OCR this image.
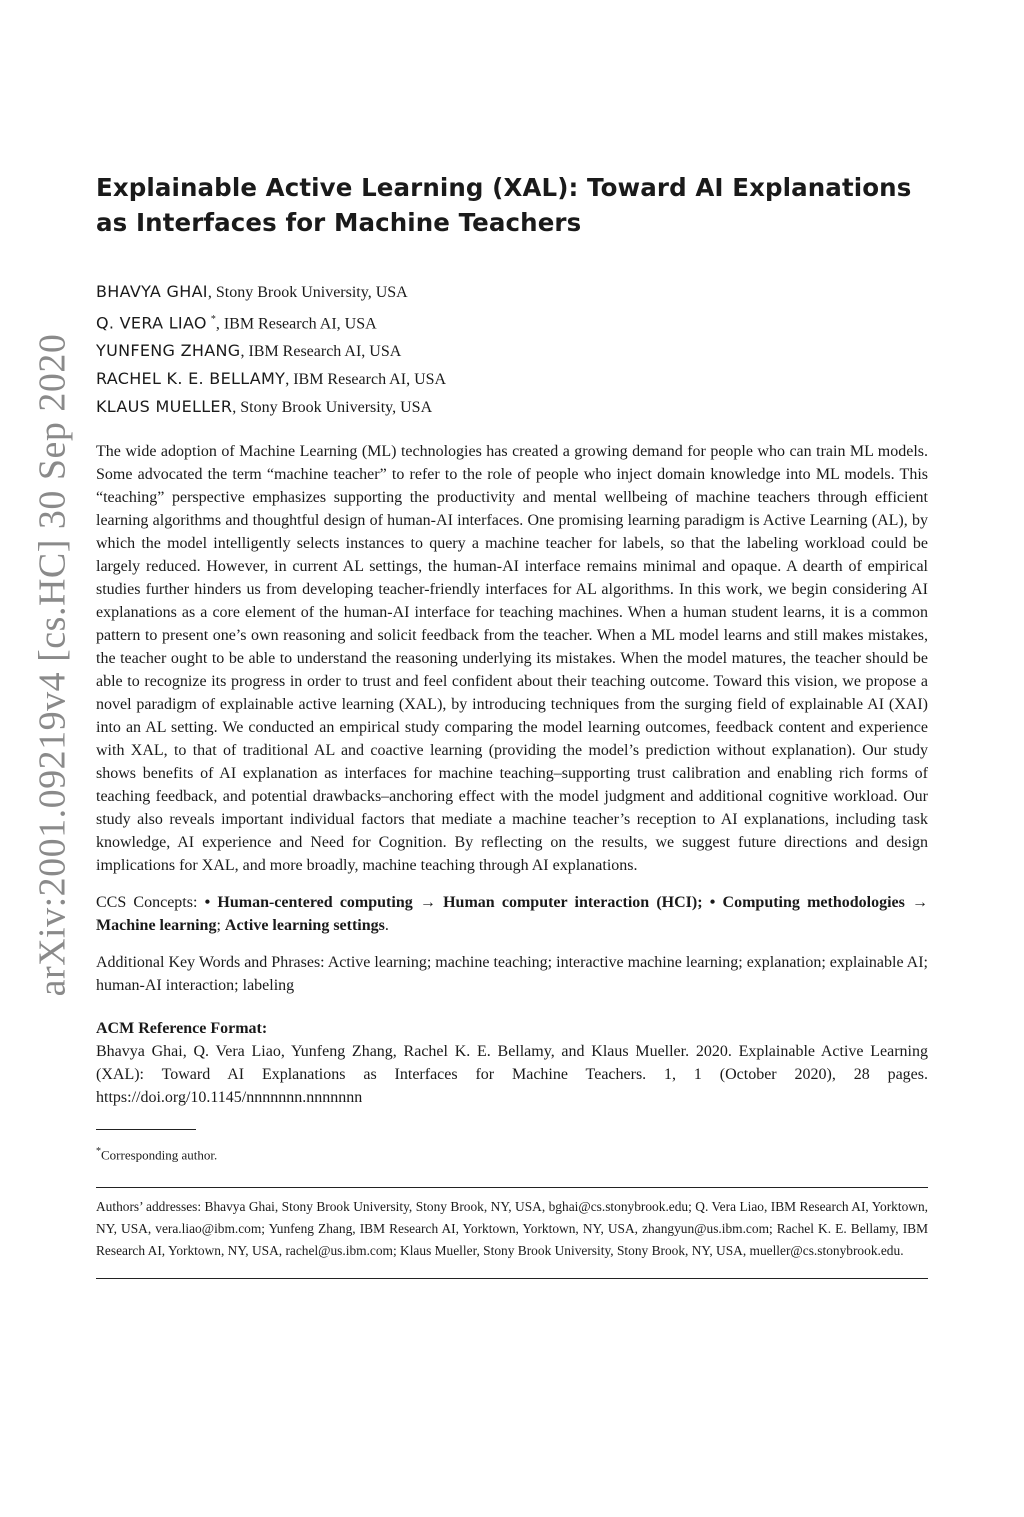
arXiv:2001.09219v4 [cs.HC] 30 Sep 2020
Explainable Active Learning (XAL): Toward AI Explanations as Interfaces for Machine Teachers
BHAVYA GHAI, Stony Brook University, USA
Q. VERA LIAO *, IBM Research AI, USA
YUNFENG ZHANG, IBM Research AI, USA
RACHEL K. E. BELLAMY, IBM Research AI, USA
KLAUS MUELLER, Stony Brook University, USA

The wide adoption of Machine Learning (ML) technologies has created a growing demand for people who can train ML models. Some advocated the term “machine teacher” to refer to the role of people who inject domain knowledge into ML models. This “teaching” perspective emphasizes supporting the productivity and mental wellbeing of machine teachers through efficient learning algorithms and thoughtful design of human-AI interfaces. One promising learning paradigm is Active Learning (AL), by which the model intelligently selects instances to query a machine teacher for labels, so that the labeling workload could be largely reduced. However, in current AL settings, the human-AI interface remains minimal and opaque. A dearth of empirical studies further hinders us from developing teacher-friendly interfaces for AL algorithms. In this work, we begin considering AI explanations as a core element of the human-AI interface for teaching machines. When a human student learns, it is a common pattern to present one’s own reasoning and solicit feedback from the teacher. When a ML model learns and still makes mistakes, the teacher ought to be able to understand the reasoning underlying its mistakes. When the model matures, the teacher should be able to recognize its progress in order to trust and feel confident about their teaching outcome. Toward this vision, we propose a novel paradigm of explainable active learning (XAL), by introducing techniques from the surging field of explainable AI (XAI) into an AL setting. We conducted an empirical study comparing the model learning outcomes, feedback content and experience with XAL, to that of traditional AL and coactive learning (providing the model’s prediction without explanation). Our study shows benefits of AI explanation as interfaces for machine teaching–supporting trust calibration and enabling rich forms of teaching feedback, and potential drawbacks–anchoring effect with the model judgment and additional cognitive workload. Our study also reveals important individual factors that mediate a machine teacher’s reception to AI explanations, including task knowledge, AI experience and Need for Cognition. By reflecting on the results, we suggest future directions and design implications for XAL, and more broadly, machine teaching through AI explanations.

CCS Concepts: • Human-centered computing → Human computer interaction (HCI); • Computing methodologies → Machine learning; Active learning settings.

Additional Key Words and Phrases: Active learning; machine teaching; interactive machine learning; explanation; explainable AI; human-AI interaction; labeling

ACM Reference Format:

Bhavya Ghai, Q. Vera Liao, Yunfeng Zhang, Rachel K. E. Bellamy, and Klaus Mueller. 2020. Explainable Active Learning (XAL): Toward AI Explanations as Interfaces for Machine Teachers. 1, 1 (October 2020), 28 pages. https://doi.org/10.1145/nnnnnnn.nnnnnnn

*Corresponding author.

Authors’ addresses: Bhavya Ghai, Stony Brook University, Stony Brook, NY, USA, bghai@cs.stonybrook.edu; Q. Vera Liao, IBM Research AI, Yorktown, NY, USA, vera.liao@ibm.com; Yunfeng Zhang, IBM Research AI, Yorktown, Yorktown, NY, USA, zhangyun@us.ibm.com; Rachel K. E. Bellamy, IBM Research AI, Yorktown, NY, USA, rachel@us.ibm.com; Klaus Mueller, Stony Brook University, Stony Brook, NY, USA, mueller@cs.stonybrook.edu.
